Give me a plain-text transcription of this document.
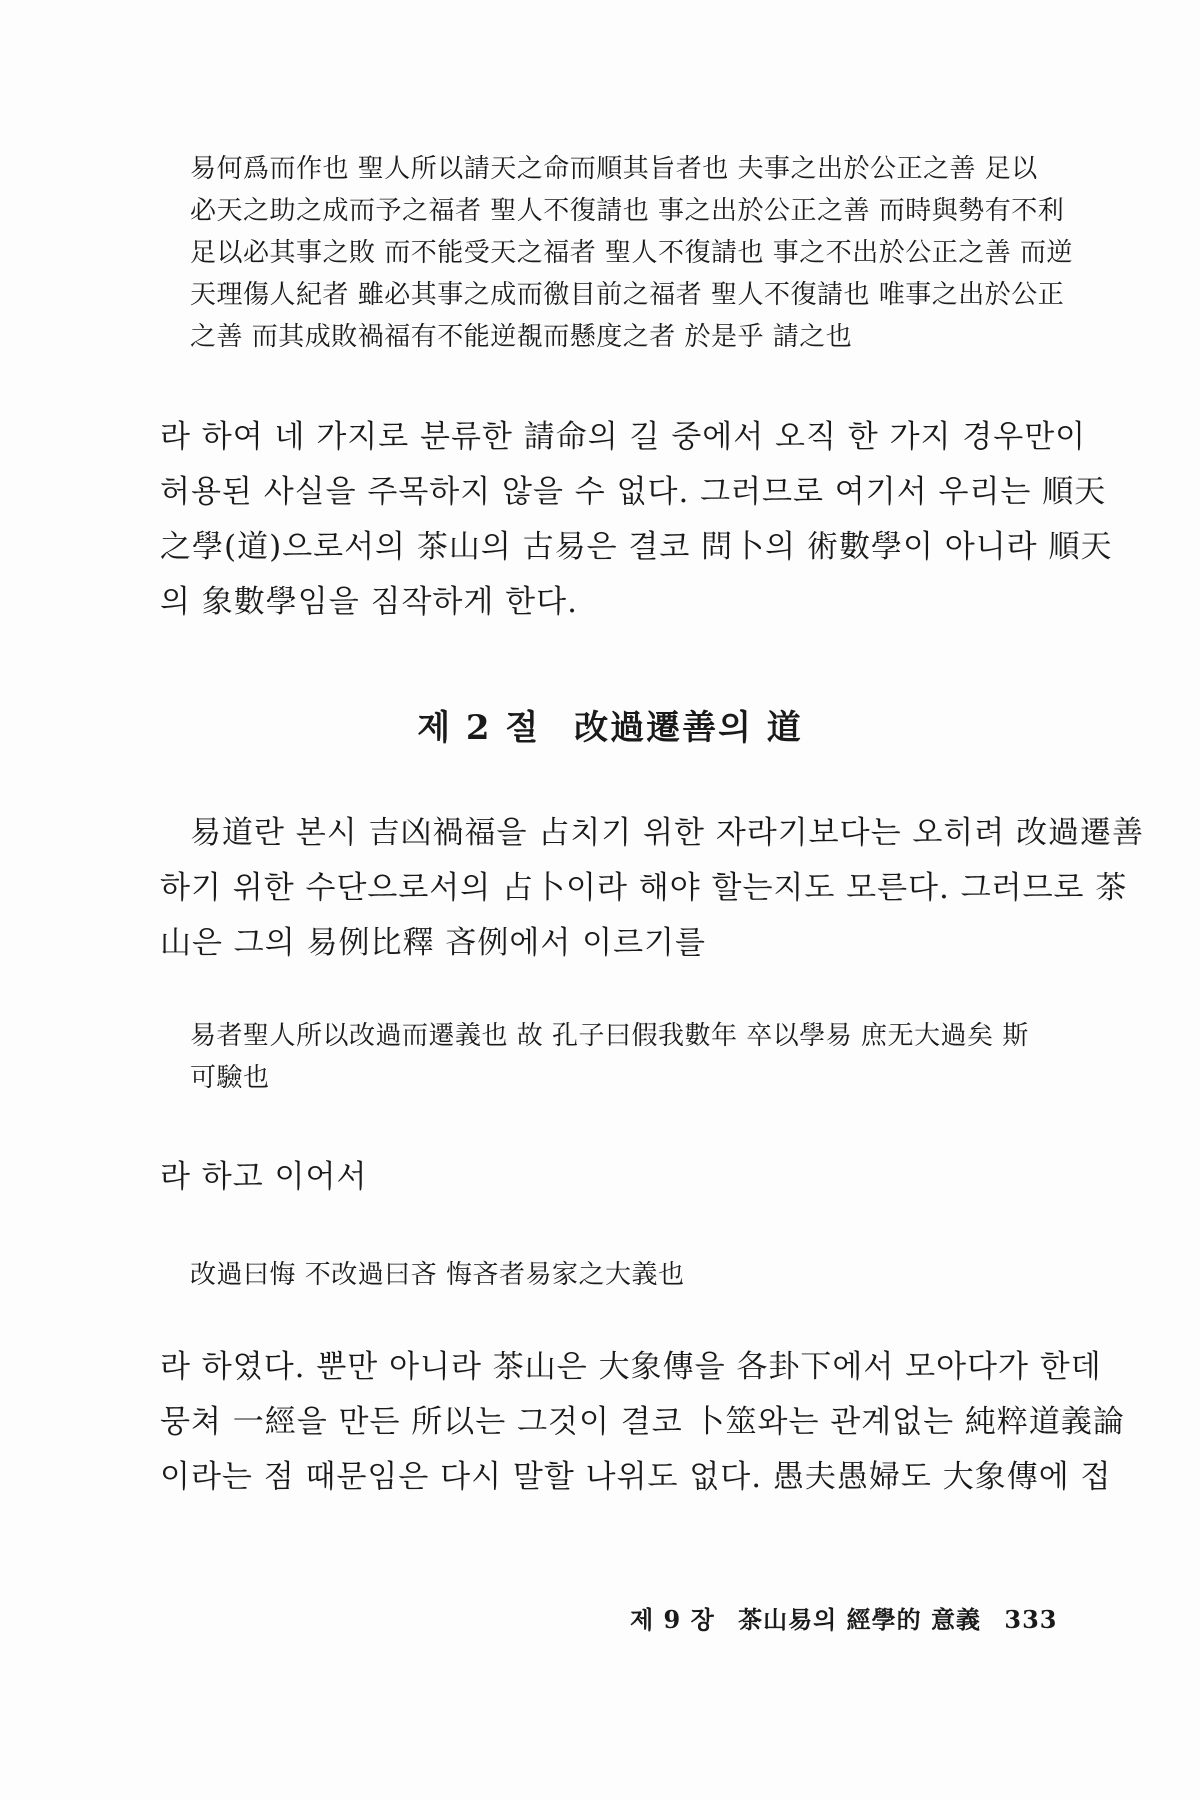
易何爲而作也 聖人所以請天之命而順其旨者也 夫事之出於公正之善 足以

必天之助之成而予之福者 聖人不復請也 事之出於公正之善 而時與勢有不利

足以必其事之敗 而不能受天之福者 聖人不復請也 事之不出於公正之善 而逆

天理傷人紀者 雖必其事之成而徼目前之福者 聖人不復請也 唯事之出於公正

之善 而其成敗禍福有不能逆覩而懸度之者 於是乎 請之也

라 하여 네 가지로 분류한 請命의 길 중에서 오직 한 가지 경우만이

허용된 사실을 주목하지 않을 수 없다. 그러므로 여기서 우리는 順天

之學(道)으로서의 茶山의 古易은 결코 問卜의 術數學이 아니라 順天

의 象數學임을 짐작하게 한다.

제 2 절 改過遷善의 道

易道란 본시 吉凶禍福을 占치기 위한 자라기보다는 오히려 改過遷善

하기 위한 수단으로서의 占卜이라 해야 할는지도 모른다. 그러므로 茶

山은 그의 易例比釋 吝例에서 이르기를

易者聖人所以改過而遷義也 故 孔子曰假我數年 卒以學易 庶无大過矣 斯

可驗也

라 하고 이어서

改過曰悔 不改過曰吝 悔吝者易家之大義也

라 하였다. 뿐만 아니라 茶山은 大象傳을 各卦下에서 모아다가 한데

뭉쳐 一經을 만든 所以는 그것이 결코 卜筮와는 관계없는 純粹道義論

이라는 점 때문임은 다시 말할 나위도 없다. 愚夫愚婦도 大象傳에 접

제 9 장 茶山易의 經學的 意義 333
